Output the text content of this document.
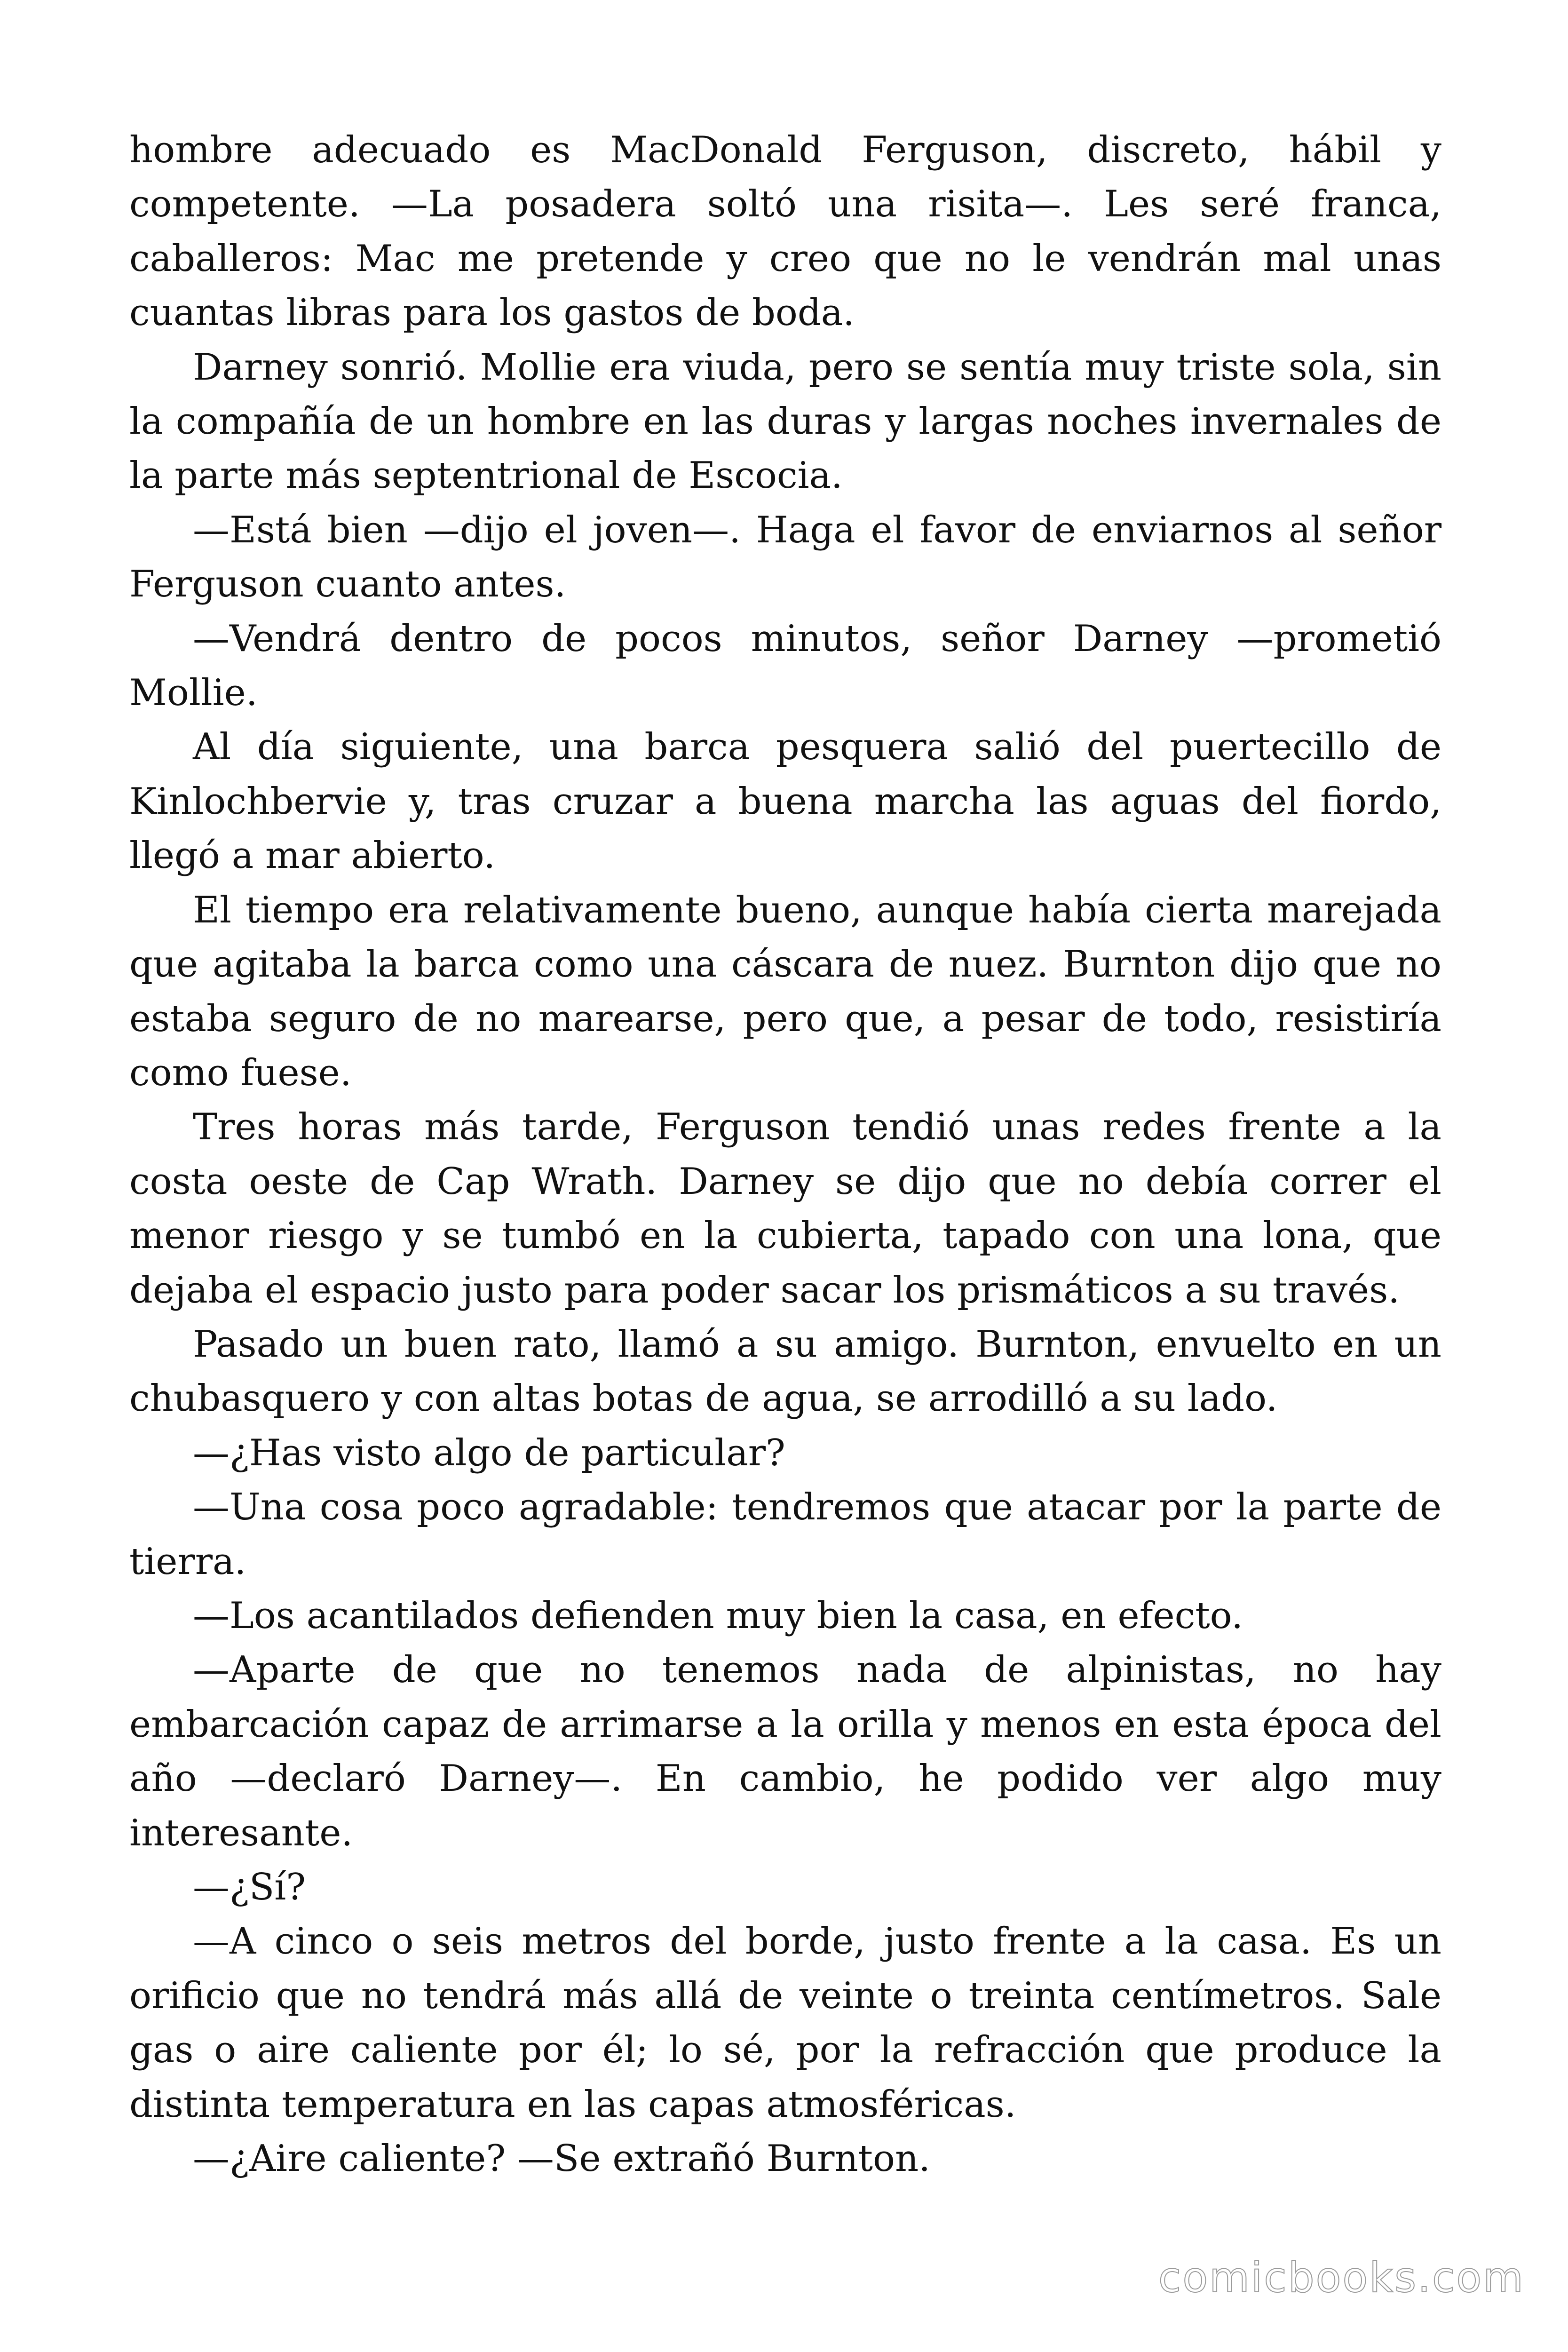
hombre adecuado es MacDonald Ferguson, discreto, hábil y competente. —La posadera soltó una risita—. Les seré franca, caballeros: Mac me pretende y creo que no le vendrán mal unas cuantas libras para los gastos de boda.

Darney sonrió. Mollie era viuda, pero se sentía muy triste sola, sin la compañía de un hombre en las duras y largas noches invernales de la parte más septentrional de Escocia.

—Está bien —dijo el joven—. Haga el favor de enviarnos al señor Ferguson cuanto antes.

—Vendrá dentro de pocos minutos, señor Darney —prometió Mollie.

Al día siguiente, una barca pesquera salió del puertecillo de Kinlochbervie y, tras cruzar a buena marcha las aguas del fiordo, llegó a mar abierto.

El tiempo era relativamente bueno, aunque había cierta marejada que agitaba la barca como una cáscara de nuez. Burnton dijo que no estaba seguro de no marearse, pero que, a pesar de todo, resistiría como fuese.

Tres horas más tarde, Ferguson tendió unas redes frente a la costa oeste de Cap Wrath. Darney se dijo que no debía correr el menor riesgo y se tumbó en la cubierta, tapado con una lona, que dejaba el espacio justo para poder sacar los prismáticos a su través.

Pasado un buen rato, llamó a su amigo. Burnton, envuelto en un chubasquero y con altas botas de agua, se arrodilló a su lado.

—¿Has visto algo de particular?

—Una cosa poco agradable: tendremos que atacar por la parte de tierra.

—Los acantilados defienden muy bien la casa, en efecto.

—Aparte de que no tenemos nada de alpinistas, no hay embarcación capaz de arrimarse a la orilla y menos en esta época del año —declaró Darney—. En cambio, he podido ver algo muy interesante.

—¿Sí?

—A cinco o seis metros del borde, justo frente a la casa. Es un orificio que no tendrá más allá de veinte o treinta centímetros. Sale gas o aire caliente por él; lo sé, por la refracción que produce la distinta temperatura en las capas atmosféricas.

—¿Aire caliente? —Se extrañó Burnton.

comicbooks.com
